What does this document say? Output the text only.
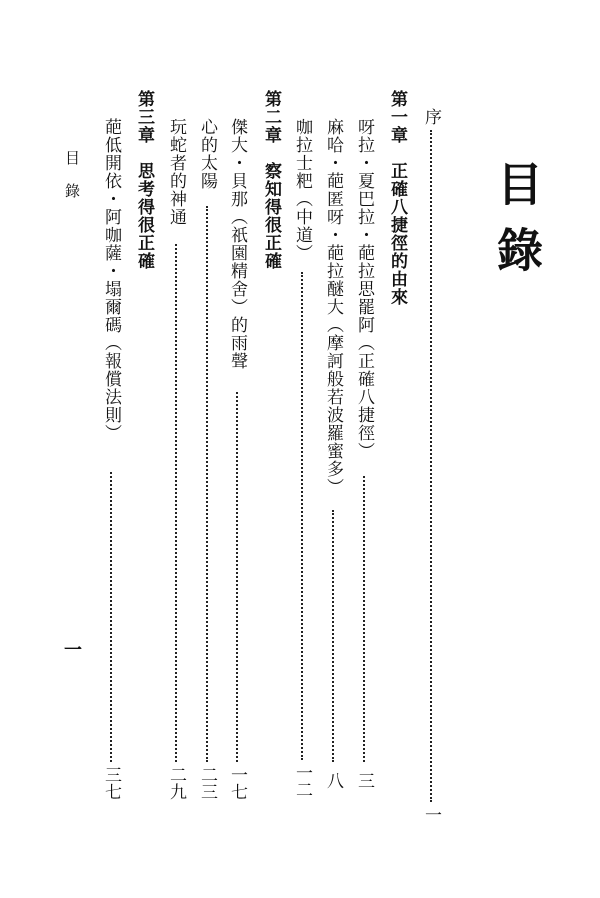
目錄
序
一
第一章　正確八捷徑的由來
呀拉・夏巴拉・葩拉思罷阿（正確八捷徑）
三
麻哈・葩匿呀・葩拉醚大（摩訶般若波羅蜜多）
八
咖拉士粑（中道）
一二
第二章　察知得很正確
傑大・貝那（祇園精舍）的雨聲
一七
心的太陽
二三
玩蛇者的神通
二九
第三章　思考得很正確
葩低開依・阿咖薩・塌爾碼（報償法則）
三七
目錄
一
